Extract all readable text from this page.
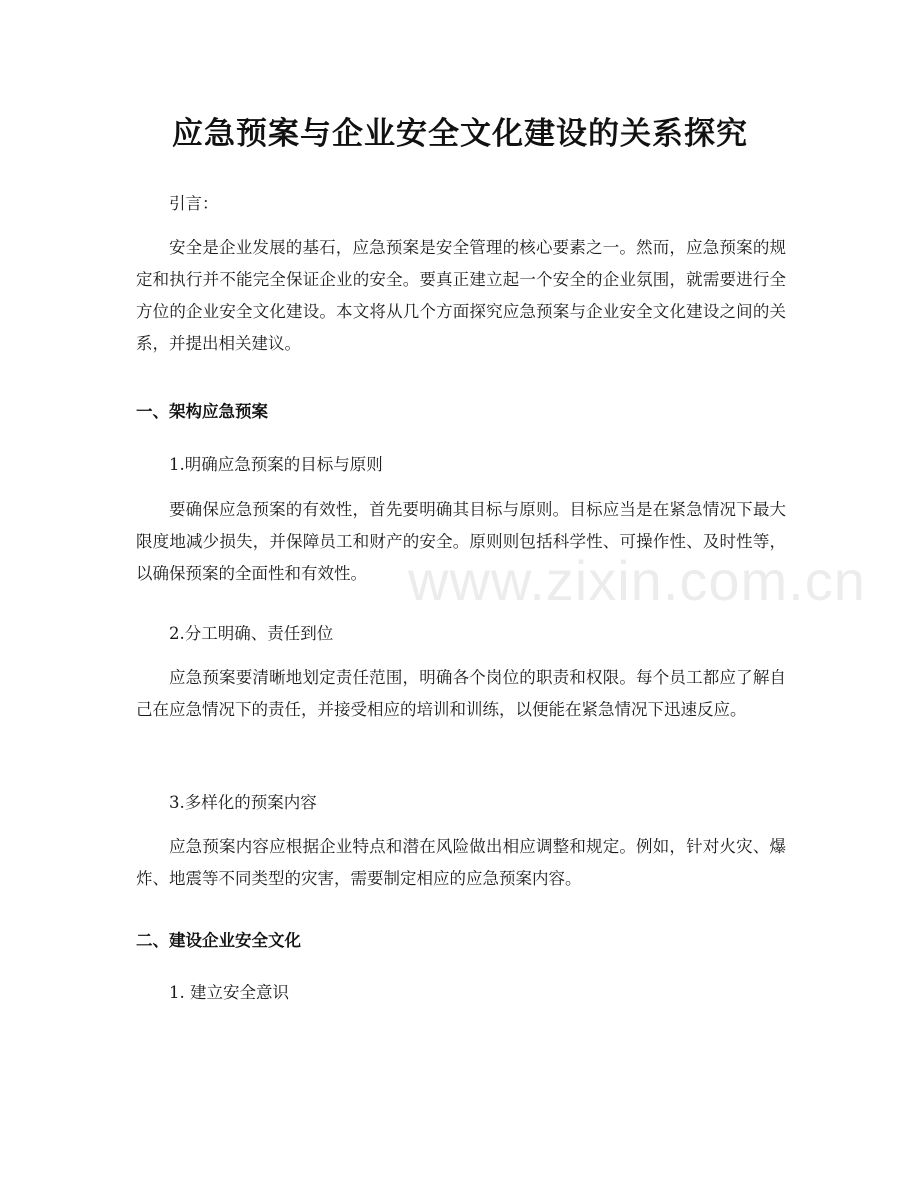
应急预案与企业安全文化建设的关系探究
引言：
安全是企业发展的基石，应急预案是安全管理的核心要素之一。然而，应急预案的规定和执行并不能完全保证企业的安全。要真正建立起一个安全的企业氛围，就需要进行全方位的企业安全文化建设。本文将从几个方面探究应急预案与企业安全文化建设之间的关系，并提出相关建议。
一、架构应急预案
1.明确应急预案的目标与原则
要确保应急预案的有效性，首先要明确其目标与原则。目标应当是在紧急情况下最大限度地减少损失，并保障员工和财产的安全。原则则包括科学性、可操作性、及时性等，以确保预案的全面性和有效性。
2.分工明确、责任到位
应急预案要清晰地划定责任范围，明确各个岗位的职责和权限。每个员工都应了解自己在应急情况下的责任，并接受相应的培训和训练，以便能在紧急情况下迅速反应。
3.多样化的预案内容
应急预案内容应根据企业特点和潜在风险做出相应调整和规定。例如，针对火灾、爆炸、地震等不同类型的灾害，需要制定相应的应急预案内容。
二、建设企业安全文化
1. 建立安全意识
www.zixin.com.cn
